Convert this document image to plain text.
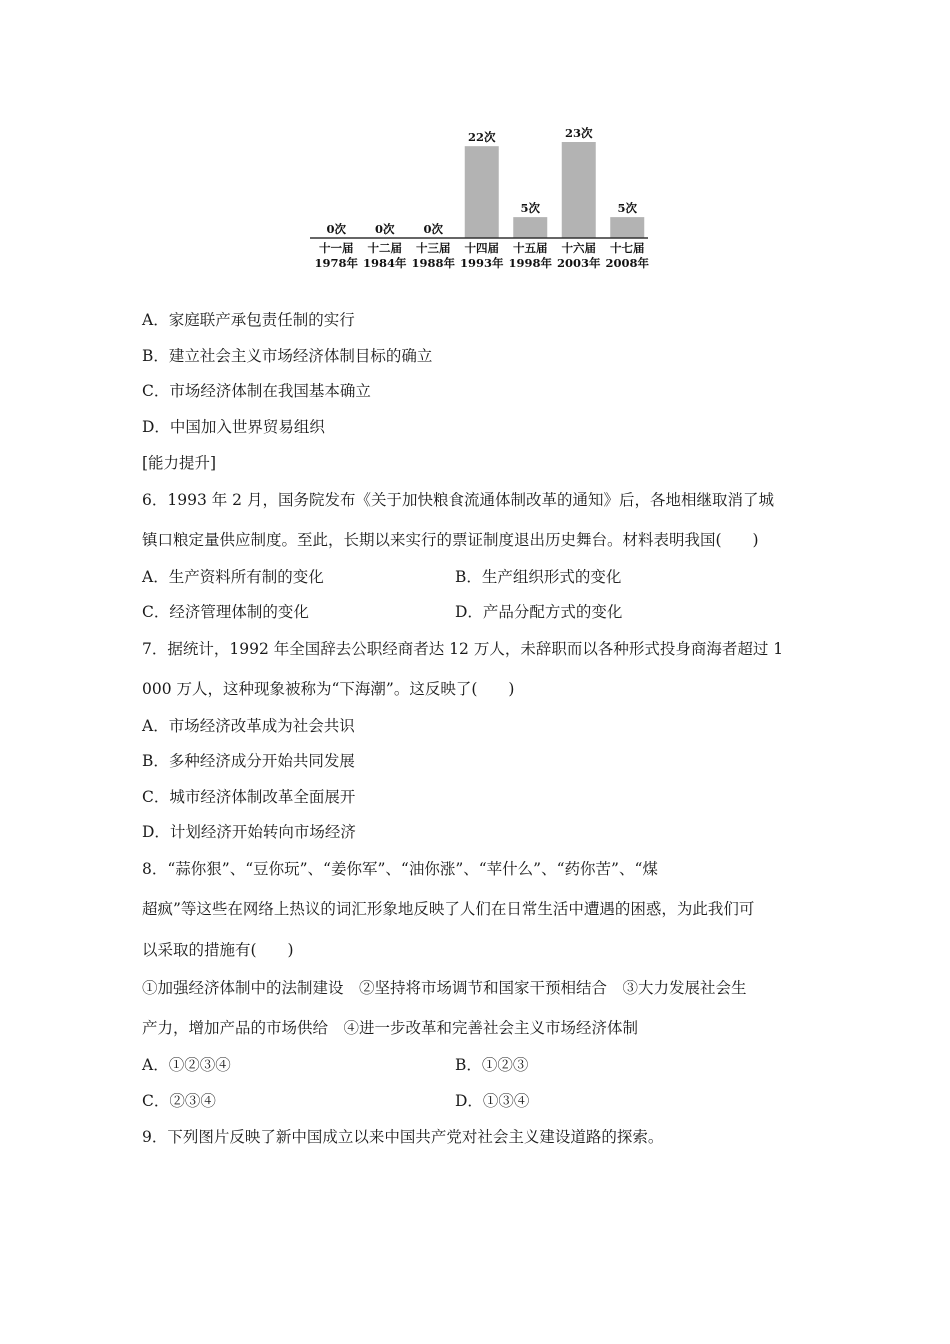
0次	0次	0次
22次
5次
23次
5次
十一届 十二届 十三届 十四届 十五届 十六届 十七届
1978年 1984年 1988年 1993年 1998年 2003年 2008年
A．家庭联产承包责任制的实行
B．建立社会主义市场经济体制目标的确立
C．市场经济体制在我国基本确立
D．中国加入世界贸易组织
[能力提升]
6．1993 年 2 月，国务院发布《关于加快粮食流通体制改革的通知》后，各地相继取消了城
镇口粮定量供应制度。至此，长期以来实行的票证制度退出历史舞台。材料表明我国(　　)
A．生产资料所有制的变化	B．生产组织形式的变化
C．经济管理体制的变化	D．产品分配方式的变化
7．据统计，1992 年全国辞去公职经商者达 12 万人，未辞职而以各种形式投身商海者超过 1
000 万人，这种现象被称为“下海潮”。这反映了(　　)
A．市场经济改革成为社会共识
B．多种经济成分开始共同发展
C．城市经济体制改革全面展开
D．计划经济开始转向市场经济
8．“蒜你狠”、“豆你玩”、“姜你军”、“油你涨”、“苹什么”、“药你苦”、“煤
超疯”等这些在网络上热议的词汇形象地反映了人们在日常生活中遭遇的困惑，为此我们可
以采取的措施有(　　)
①加强经济体制中的法制建设　②坚持将市场调节和国家干预相结合　③大力发展社会生
产力，增加产品的市场供给　④进一步改革和完善社会主义市场经济体制
A．①②③④	B．①②③
C．②③④	D．①③④
9．下列图片反映了新中国成立以来中国共产党对社会主义建设道路的探索。
